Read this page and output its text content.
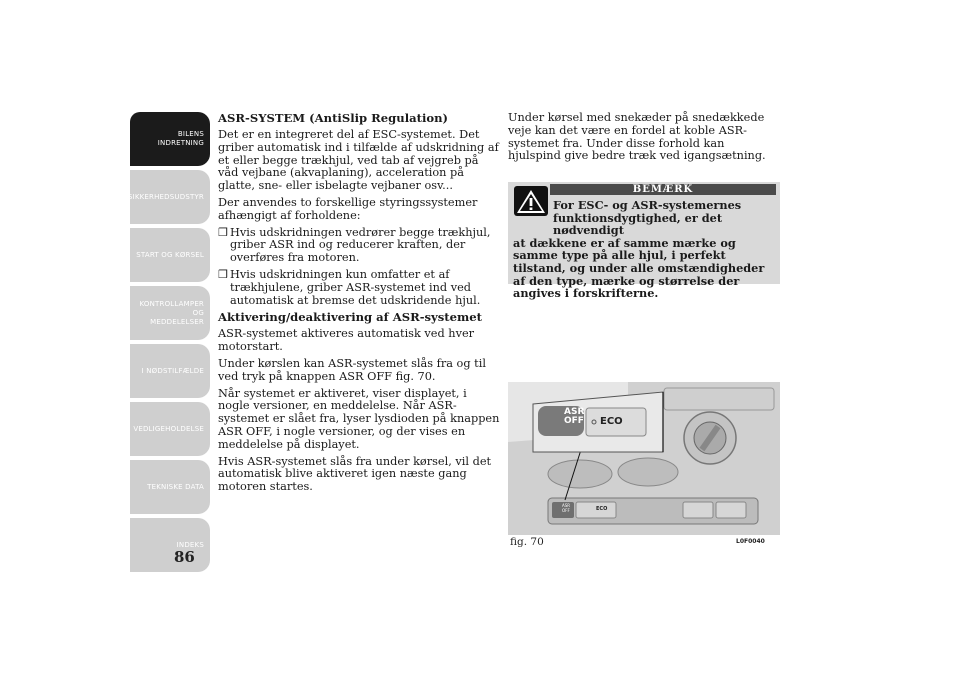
BILENS INDRETNING
SIKKERHEDSUDSTYR
START OG KØRSEL
KONTROLLAMPER OG MEDDELELSER
I NØDSTILFÆLDE
VEDLIGEHOLDELSE
TEKNISKE DATA
INDEKS
86
ASR-SYSTEM (AntiSlip Regulation)

Det er en integreret del af ESC-systemet. Det griber automatisk ind i tilfælde af udskridning af et eller begge trækhjul, ved tab af vejgreb på våd vejbane (akvaplaning), acceleration på glatte, sne- eller isbelagte vejbaner osv...

Der anvendes to forskellige styringssystemer afhængigt af forholdene:

❒ Hvis udskridningen vedrører begge trækhjul, griber ASR ind og reducerer kraften, der overføres fra motoren.
❒ Hvis udskridningen kun omfatter et af trækhjulene, griber ASR-systemet ind ved automatisk at bremse det udskridende hjul.
Aktivering/deaktivering af ASR-systemet

ASR-systemet aktiveres automatisk ved hver motorstart.

Under kørslen kan ASR-systemet slås fra og til ved tryk på knappen ASR OFF fig. 70.

Når systemet er aktiveret, viser displayet, i nogle versioner, en meddelelse. Når ASR-systemet er slået fra, lyser lysdioden på knappen ASR OFF, i nogle versioner, og der vises en meddelelse på displayet.

Hvis ASR-systemet slås fra under kørsel, vil det automatisk blive aktiveret igen næste gang motoren startes.

Under kørsel med snekæder på snedækkede veje kan det være en fordel at koble ASR-systemet fra. Under disse forhold kan hjulspind give bedre træk ved igangsætning.

BEMÆRK
For ESC- og ASR-systemernes
funktionsdygtighed, er det nødvendigt
at dækkene er af samme mærke og samme type på alle hjul, i perfekt tilstand, og under alle omstændigheder af den type, mærke og størrelse der angives i forskrifterne.
ASR
OFF ECO
ASR
OFF	ECO
fig. 70	L0F0040
